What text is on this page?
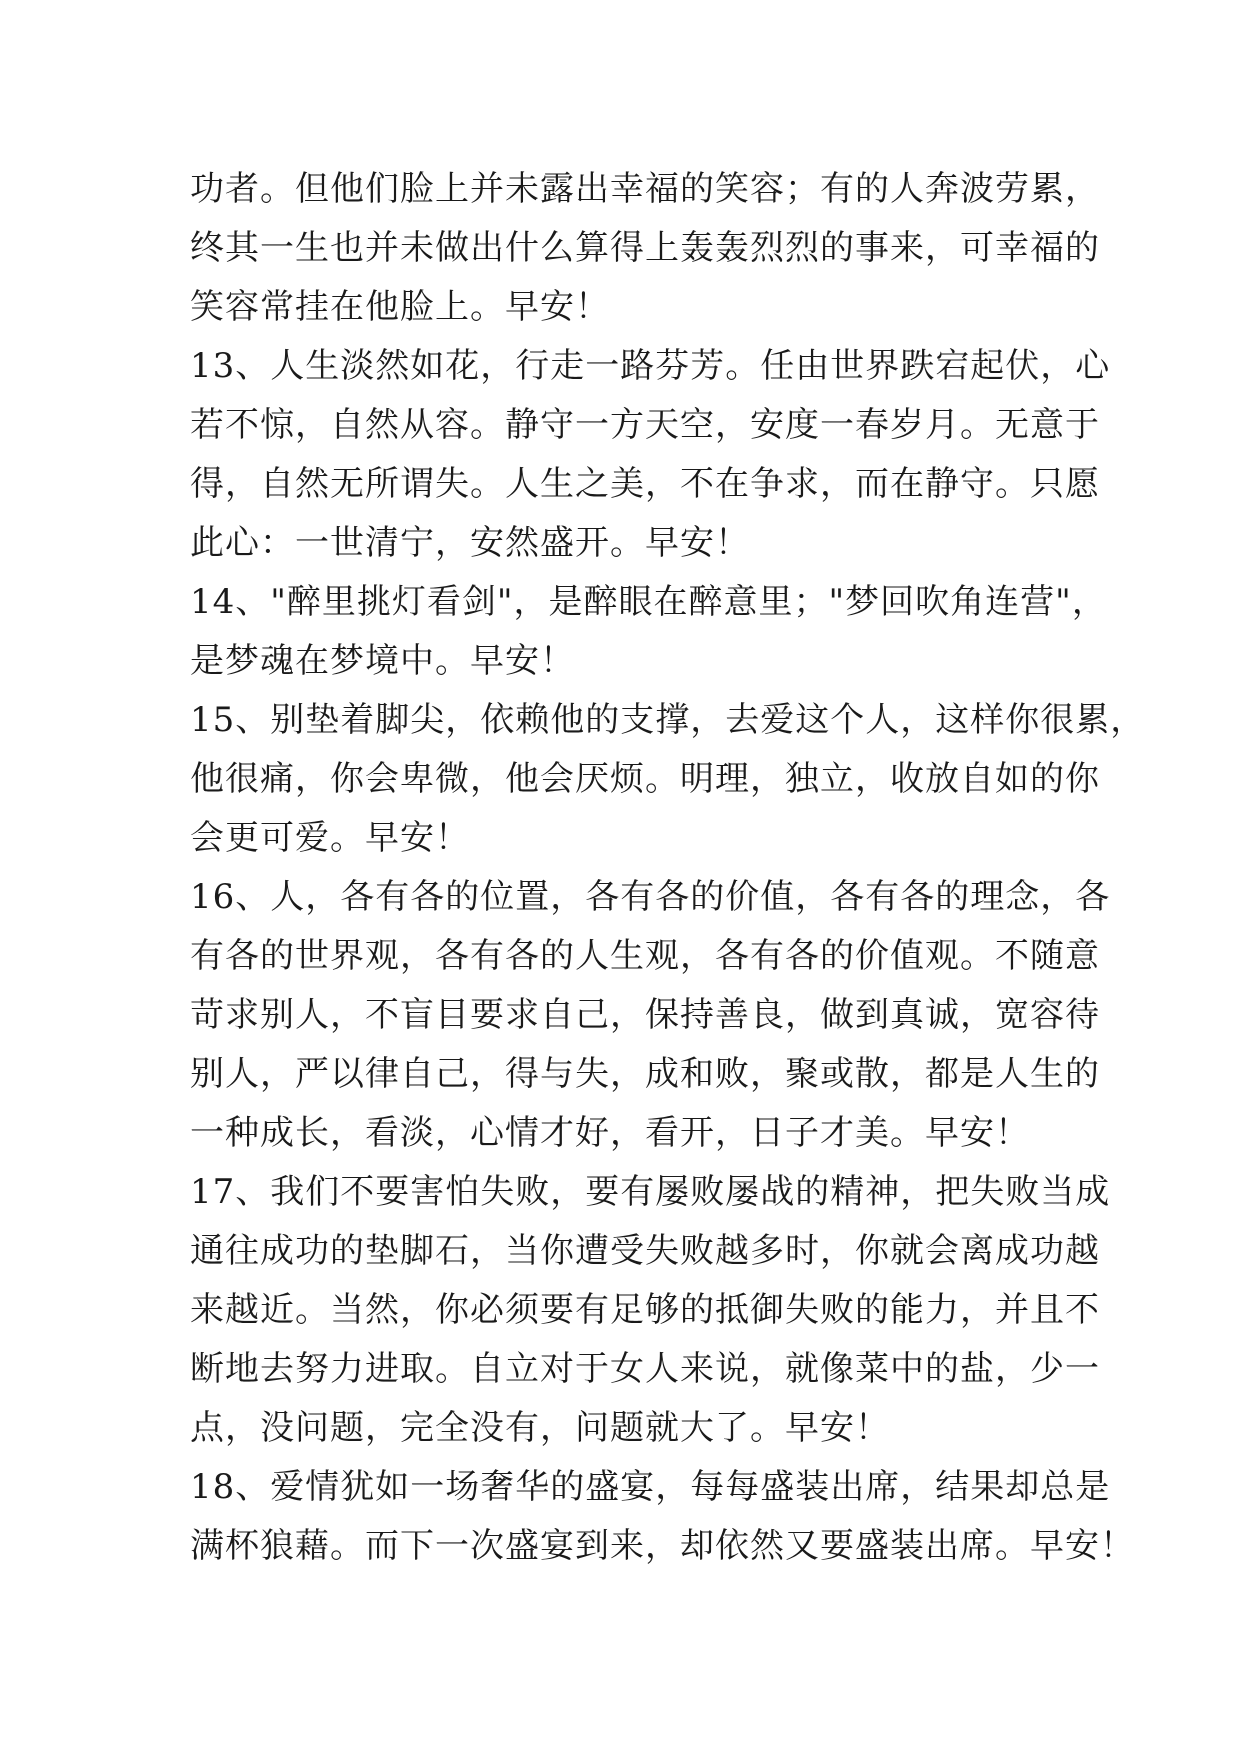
功者。但他们脸上并未露出幸福的笑容；有的人奔波劳累，
终其一生也并未做出什么算得上轰轰烈烈的事来，可幸福的
笑容常挂在他脸上。早安！
13、人生淡然如花，行走一路芬芳。任由世界跌宕起伏，心
若不惊，自然从容。静守一方天空，安度一春岁月。无意于
得，自然无所谓失。人生之美，不在争求，而在静守。只愿
此心：一世清宁，安然盛开。早安！
14、"醉里挑灯看剑"，是醉眼在醉意里；"梦回吹角连营"，
是梦魂在梦境中。早安！
15、别垫着脚尖，依赖他的支撑，去爱这个人，这样你很累，
他很痛，你会卑微，他会厌烦。明理，独立，收放自如的你
会更可爱。早安！
16、人，各有各的位置，各有各的价值，各有各的理念，各
有各的世界观，各有各的人生观，各有各的价值观。不随意
苛求别人，不盲目要求自己，保持善良，做到真诚，宽容待
别人，严以律自己，得与失，成和败，聚或散，都是人生的
一种成长，看淡，心情才好，看开，日子才美。早安！
17、我们不要害怕失败，要有屡败屡战的精神，把失败当成
通往成功的垫脚石，当你遭受失败越多时，你就会离成功越
来越近。当然，你必须要有足够的抵御失败的能力，并且不
断地去努力进取。自立对于女人来说，就像菜中的盐，少一
点，没问题，完全没有，问题就大了。早安！
18、爱情犹如一场奢华的盛宴，每每盛装出席，结果却总是
满杯狼藉。而下一次盛宴到来，却依然又要盛装出席。早安！
